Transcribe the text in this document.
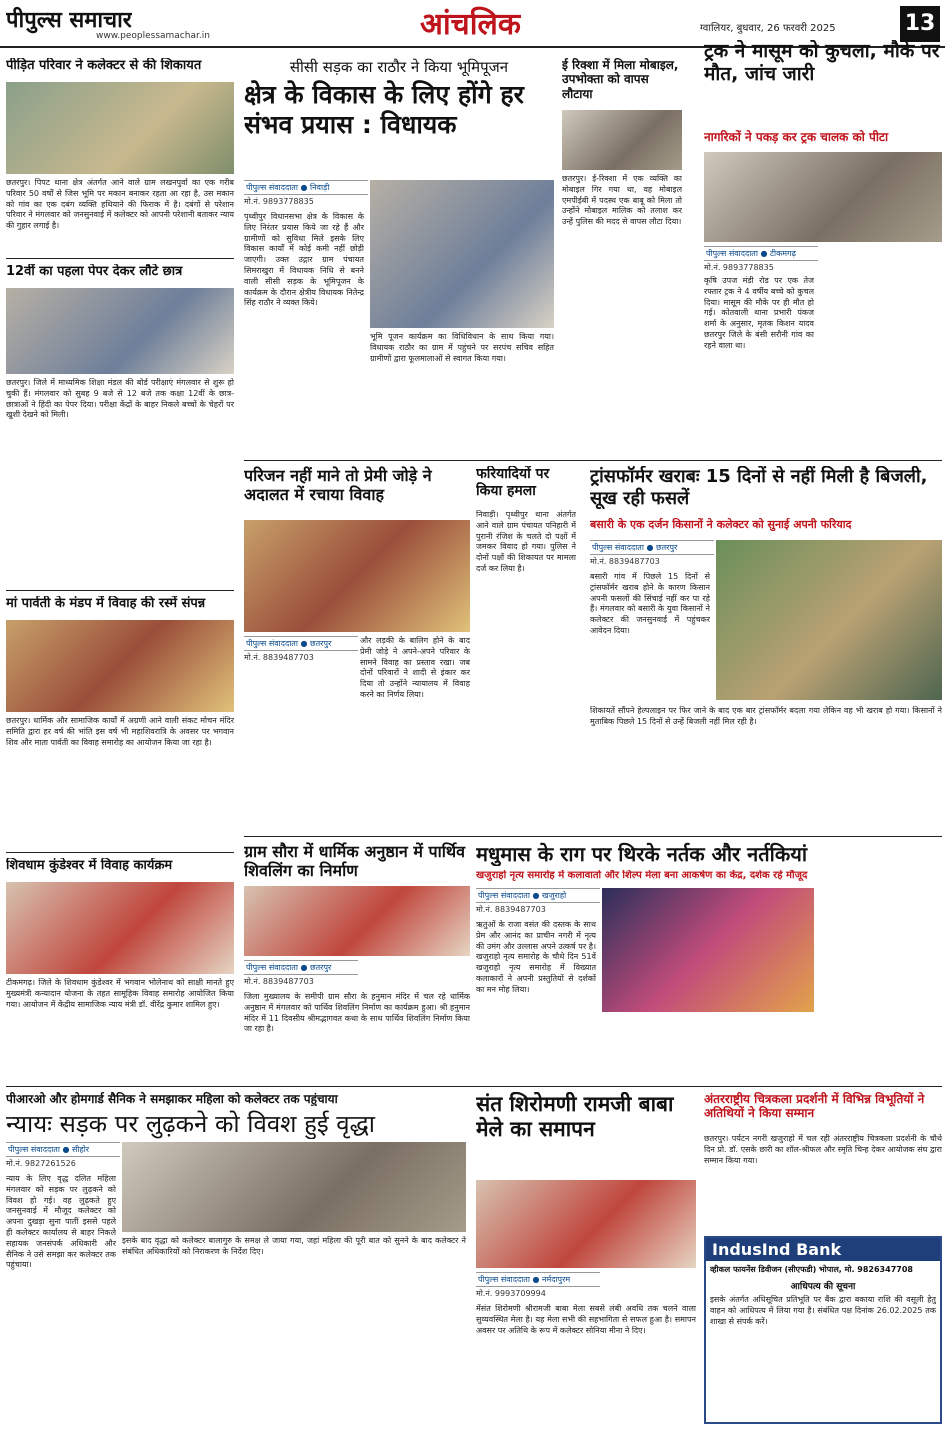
पीपुल्स समाचार
www.peoplessamachar.in	आंचलिक	ग्वालियर, बुधवार, 26 फरवरी 2025	13
पीड़ित परिवार ने कलेक्टर से की शिकायत
छतरपुर। पिपट थाना क्षेत्र अंतर्गत आने वाले ग्राम लखनपुर्वा का एक गरीब परिवार 50 वर्षों से जिस भूमि पर मकान बनाकर रहता आ रहा है, उस मकान को गांव का एक दबंग व्यक्ति हथियाने की फिराक में है। दबंगों से परेशान परिवार ने मंगलवार को जनसुनवाई में कलेक्टर को आपनी परेशानी बताकर न्याय की गुहार लगाई है।
12वीं का पहला पेपर देकर लौटे छात्र
छतरपुर। जिले में माध्यमिक शिक्षा मंडल की बोर्ड परीक्षाएं मंगलवार से शुरू हो चुकी हैं। मंगलवार को सुबह 9 बजे से 12 बजे तक कक्षा 12वीं के छात्र-छात्राओं ने हिंदी का पेपर दिया। परीक्षा केंद्रों के बाहर निकले बच्चों के चेहरों पर खुशी देखने को मिली।
मां पार्वती के मंडप में विवाह की रस्में संपन्न
छतरपुर। धार्मिक और सामाजिक कार्यों में अग्रणी आने वाली संकट मोचन मंदिर समिति द्वारा हर वर्ष की भांति इस वर्ष भी महाशिवरात्रि के अवसर पर भगवान शिव और माता पार्वती का विवाह समारोह का आयोजन किया जा रहा है।
शिवधाम कुंडेश्वर में विवाह कार्यक्रम
टीकमगढ़। जिले के शिवधाम कुंडेश्वर में भगवान भोलेनाथ को साक्षी मानते हुए मुख्यमंत्री कन्यादान योजना के तहत सामूहिक विवाह समारोह आयोजित किया गया। आयोजन में केंद्रीय सामाजिक न्याय मंत्री डॉ. वीरेंद्र कुमार शामिल हुए।
सीसी सड़क का राठौर ने किया भूमिपूजन
क्षेत्र के विकास के लिए होंगे हर संभव प्रयास : विधायक
पीपुल्स संवाददाता ● निवाड़ी
मो.नं. 9893778835
पृथ्वीपुर विधानसभा क्षेत्र के विकास के लिए निरंतर प्रयास किये जा रहे हैं और ग्रामीणों को सुविधा मिले इसके लिए विकास कार्यों में कोई कमी नहीं छोड़ी जाएगी। उक्त उद्गार ग्राम पंचायत सिमराखुरा में विधायक निधि से बनने वाली सीसी सड़क के भूमिपूजन के कार्यक्रम के दौरान क्षेत्रीय विधायक नितेन्द्र सिंह राठौर ने व्यक्त किये।
भूमि पूजन कार्यक्रम का विधिविधान के साथ किया गया। विधायक राठौर का ग्राम में पहुंचने पर सरपंच सचिव सहित ग्रामीणों द्वारा फूलमालाओं से स्वागत किया गया।
ई रिक्शा में मिला मोबाइल, उपभोक्ता को वापस लौटाया
छतरपुर। ई-रिक्शा में एक व्यक्ति का मोबाइल गिर गया था, वह मोबाइल एमपीईबी में पदस्थ एक बाबू को मिला तो उन्होंने मोबाइल मालिक को तलाश कर उन्हें पुलिस की मदद से वापस लौटा दिया।
ट्रक ने मासूम को कुचला, मौके पर मौत, जांच जारी
नागरिकों ने पकड़ कर ट्रक चालक को पीटा
पीपुल्स संवाददाता ● टीकमगढ़
मो.नं. 9893778835
कृषि उपज मंडी रोड पर एक तेज रफ्तार ट्रक ने 4 वर्षीय बच्चे को कुचल दिया। मासूम की मौके पर ही मौत हो गई। कोतवाली थाना प्रभारी पंकज शर्मा के अनुसार, मृतक किशन यादव छतरपुर जिले के बंसी सरौनी गांव का रहने वाला था।
परिजन नहीं माने तो प्रेमी जोड़े ने अदालत में रचाया विवाह
पीपुल्स संवाददाता ● छतरपुर
मो.नं. 8839487703
और लड़की के बालिग होने के बाद प्रेमी जोड़े ने अपने-अपने परिवार के सामने विवाह का प्रस्ताव रखा। जब दोनों परिवारों ने शादी से इंकार कर दिया तो उन्होंने न्यायालय में विवाह करने का निर्णय लिया।
फरियादियों पर किया हमला
निवाड़ी। पृथ्वीपुर थाना अंतर्गत आने वाले ग्राम पंचायत पनिहारी में पुरानी रंजिश के चलते दो पक्षों में जमकर विवाद हो गया। पुलिस ने दोनों पक्षों की शिकायत पर मामला दर्ज कर लिया है।
ट्रांसफॉर्मर खराबः 15 दिनों से नहीं मिली है बिजली, सूख रही फसलें
बसारी के एक दर्जन किसानों ने कलेक्टर को सुनाई अपनी फरियाद
पीपुल्स संवाददाता ● छतरपुर
मो.नं. 8839487703
बसारी गांव में पिछले 15 दिनों से ट्रांसफॉर्मर खराब होने के कारण किसान अपनी फसलों की सिंचाई नहीं कर पा रहे हैं। मंगलवार को बसारी के युवा किसानों ने कलेक्टर की जनसुनवाई में पहुंचकर आवेदन दिया।
शिकायतें सौंपने हेल्पलाइन पर फिर जाने के बाद एक बार ट्रांसफॉर्मर बदला गया लेकिन वह भी खराब हो गया। किसानों ने मुताबिक पिछले 15 दिनों से उन्हें बिजली नहीं मिल रही है।
ग्राम सौरा में धार्मिक अनुष्ठान में पार्थिव शिवलिंग का निर्माण
पीपुल्स संवाददाता ● छतरपुर
मो.नं. 8839487703
जिला मुख्यालय के समीपी ग्राम सौरा के हनुमान मंदिर में चल रहे धार्मिक अनुष्ठान में मंगलवार को पार्थिव शिवलिंग निर्माण का कार्यक्रम हुआ। श्री हनुमान मंदिर में 11 दिवसीय श्रीमद्भागवत कथा के साथ पार्थिव शिवलिंग निर्माण किया जा रहा है।
मधुमास के राग पर थिरके नर्तक और नर्तकियां
खजुराहो नृत्य समारोह में कलावार्ता और शिल्प मेला बना आकर्षण का केंद्र, दर्शक रहे मौजूद
पीपुल्स संवाददाता ● खजुराहो
मो.नं. 8839487703
ऋतुओं के राजा वसंत की दस्तक के साथ प्रेम और आनंद का प्राचीन नगरी में नृत्य की उमंग और उल्लास अपने उत्कर्ष पर है। खजुराहो नृत्य समारोह के चौथे दिन 51वें खजुराहो नृत्य समारोह में विख्यात कलाकारों ने अपनी प्रस्तुतियों से दर्शकों का मन मोह लिया।
पीआरओ और होमगार्ड सैनिक ने समझाकर महिला को कलेक्टर तक पहुंचाया
न्यायः सड़क पर लुढ़कने को विवश हुई वृद्धा
पीपुल्स संवाददाता ● सीहोर
मो.नं. 9827261526
न्याय के लिए वृद्ध दलित महिला मंगलवार को सड़क पर लुढ़कने को विवश हो गई। वह लुढ़कते हुए जनसुनवाई में मौजूद कलेक्टर को अपना दुखड़ा सुना पातीं इससे पहले ही कलेक्टर कार्यालय से बाहर निकले सहायक जनसंपर्क अधिकारी और सैनिक ने उसे समझा कर कलेक्टर तक पहुंचाया।
इसके बाद वृद्धा को कलेक्टर बालागुरु के समक्ष ले जाया गया, जहां महिला की पूरी बात को सुनने के बाद कलेक्टर ने संबंधित अधिकारियों को निराकरण के निर्देश दिए।
संत शिरोमणी रामजी बाबा मेले का समापन
पीपुल्स संवाददाता ● नर्मदापुरम
मो.नं. 9993709994
मेंसंत शिरोमणी श्रीरामजी बाबा मेला सबसे लंबी अवधि तक चलने वाला सुव्यवस्थित मेला है। यह मेला सभी की सहभागिता से सफल हुआ है। समापन अवसर पर अतिथि के रूप में कलेक्टर सोनिया मीना ने दिए।
अंतरराष्ट्रीय चित्रकला प्रदर्शनी में विभिन्न विभूतियों ने अतिथियों ने किया सम्मान
छतरपुर। पर्यटन नगरी खजुराहो में चल रही अंतरराष्ट्रीय चित्रकला प्रदर्शनी के चौथे दिन प्रो. डॉ. एसके छारी का शॉल-श्रीफल और स्मृति चिन्ह देकर आयोजक संघ द्वारा सम्मान किया गया।
IndusInd Bank
व्हीकल फायनेंस डिवीजन (सीएफडी) भोपाल, मो. 9826347708
आधिपत्य की सूचना
इसके अंतर्गत अधिसूचित प्रतिभूति पर बैंक द्वारा बकाया राशि की वसूली हेतु वाहन को आधिपत्य में लिया गया है। संबंधित पक्ष दिनांक 26.02.2025 तक शाखा से संपर्क करें।
